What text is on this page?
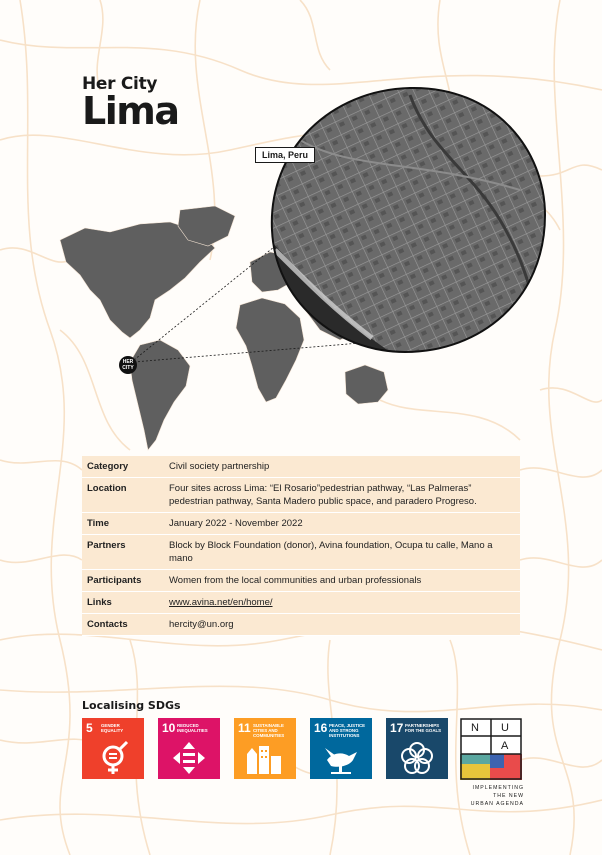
Her City
Lima
Lima, Peru
HER
CITY
Category	Civil society partnership
Location	Four sites across Lima: “El Rosario”pedestrian pathway, “Las Palmeras” pedestrian pathway, Santa Madero public space, and paradero Progreso.
Time	January 2022 - November 2022
Partners	Block by Block Foundation (donor), Avina foundation, Ocupa tu calle, Mano a mano
Participants	Women from the local communities and urban professionals
Links	www.avina.net/en/home/
Contacts	hercity@un.org
Localising SDGs
5 GENDER EQUALITY	10 REDUCED INEQUALITIES	11 SUSTAINABLE CITIES AND COMMUNITIES
16 PEACE, JUSTICE AND STRONG INSTITUTIONS
17 PARTNERSHIPS FOR THE GOALS	N U
A
IMPLEMENTING
THE NEW
URBAN AGENDA
